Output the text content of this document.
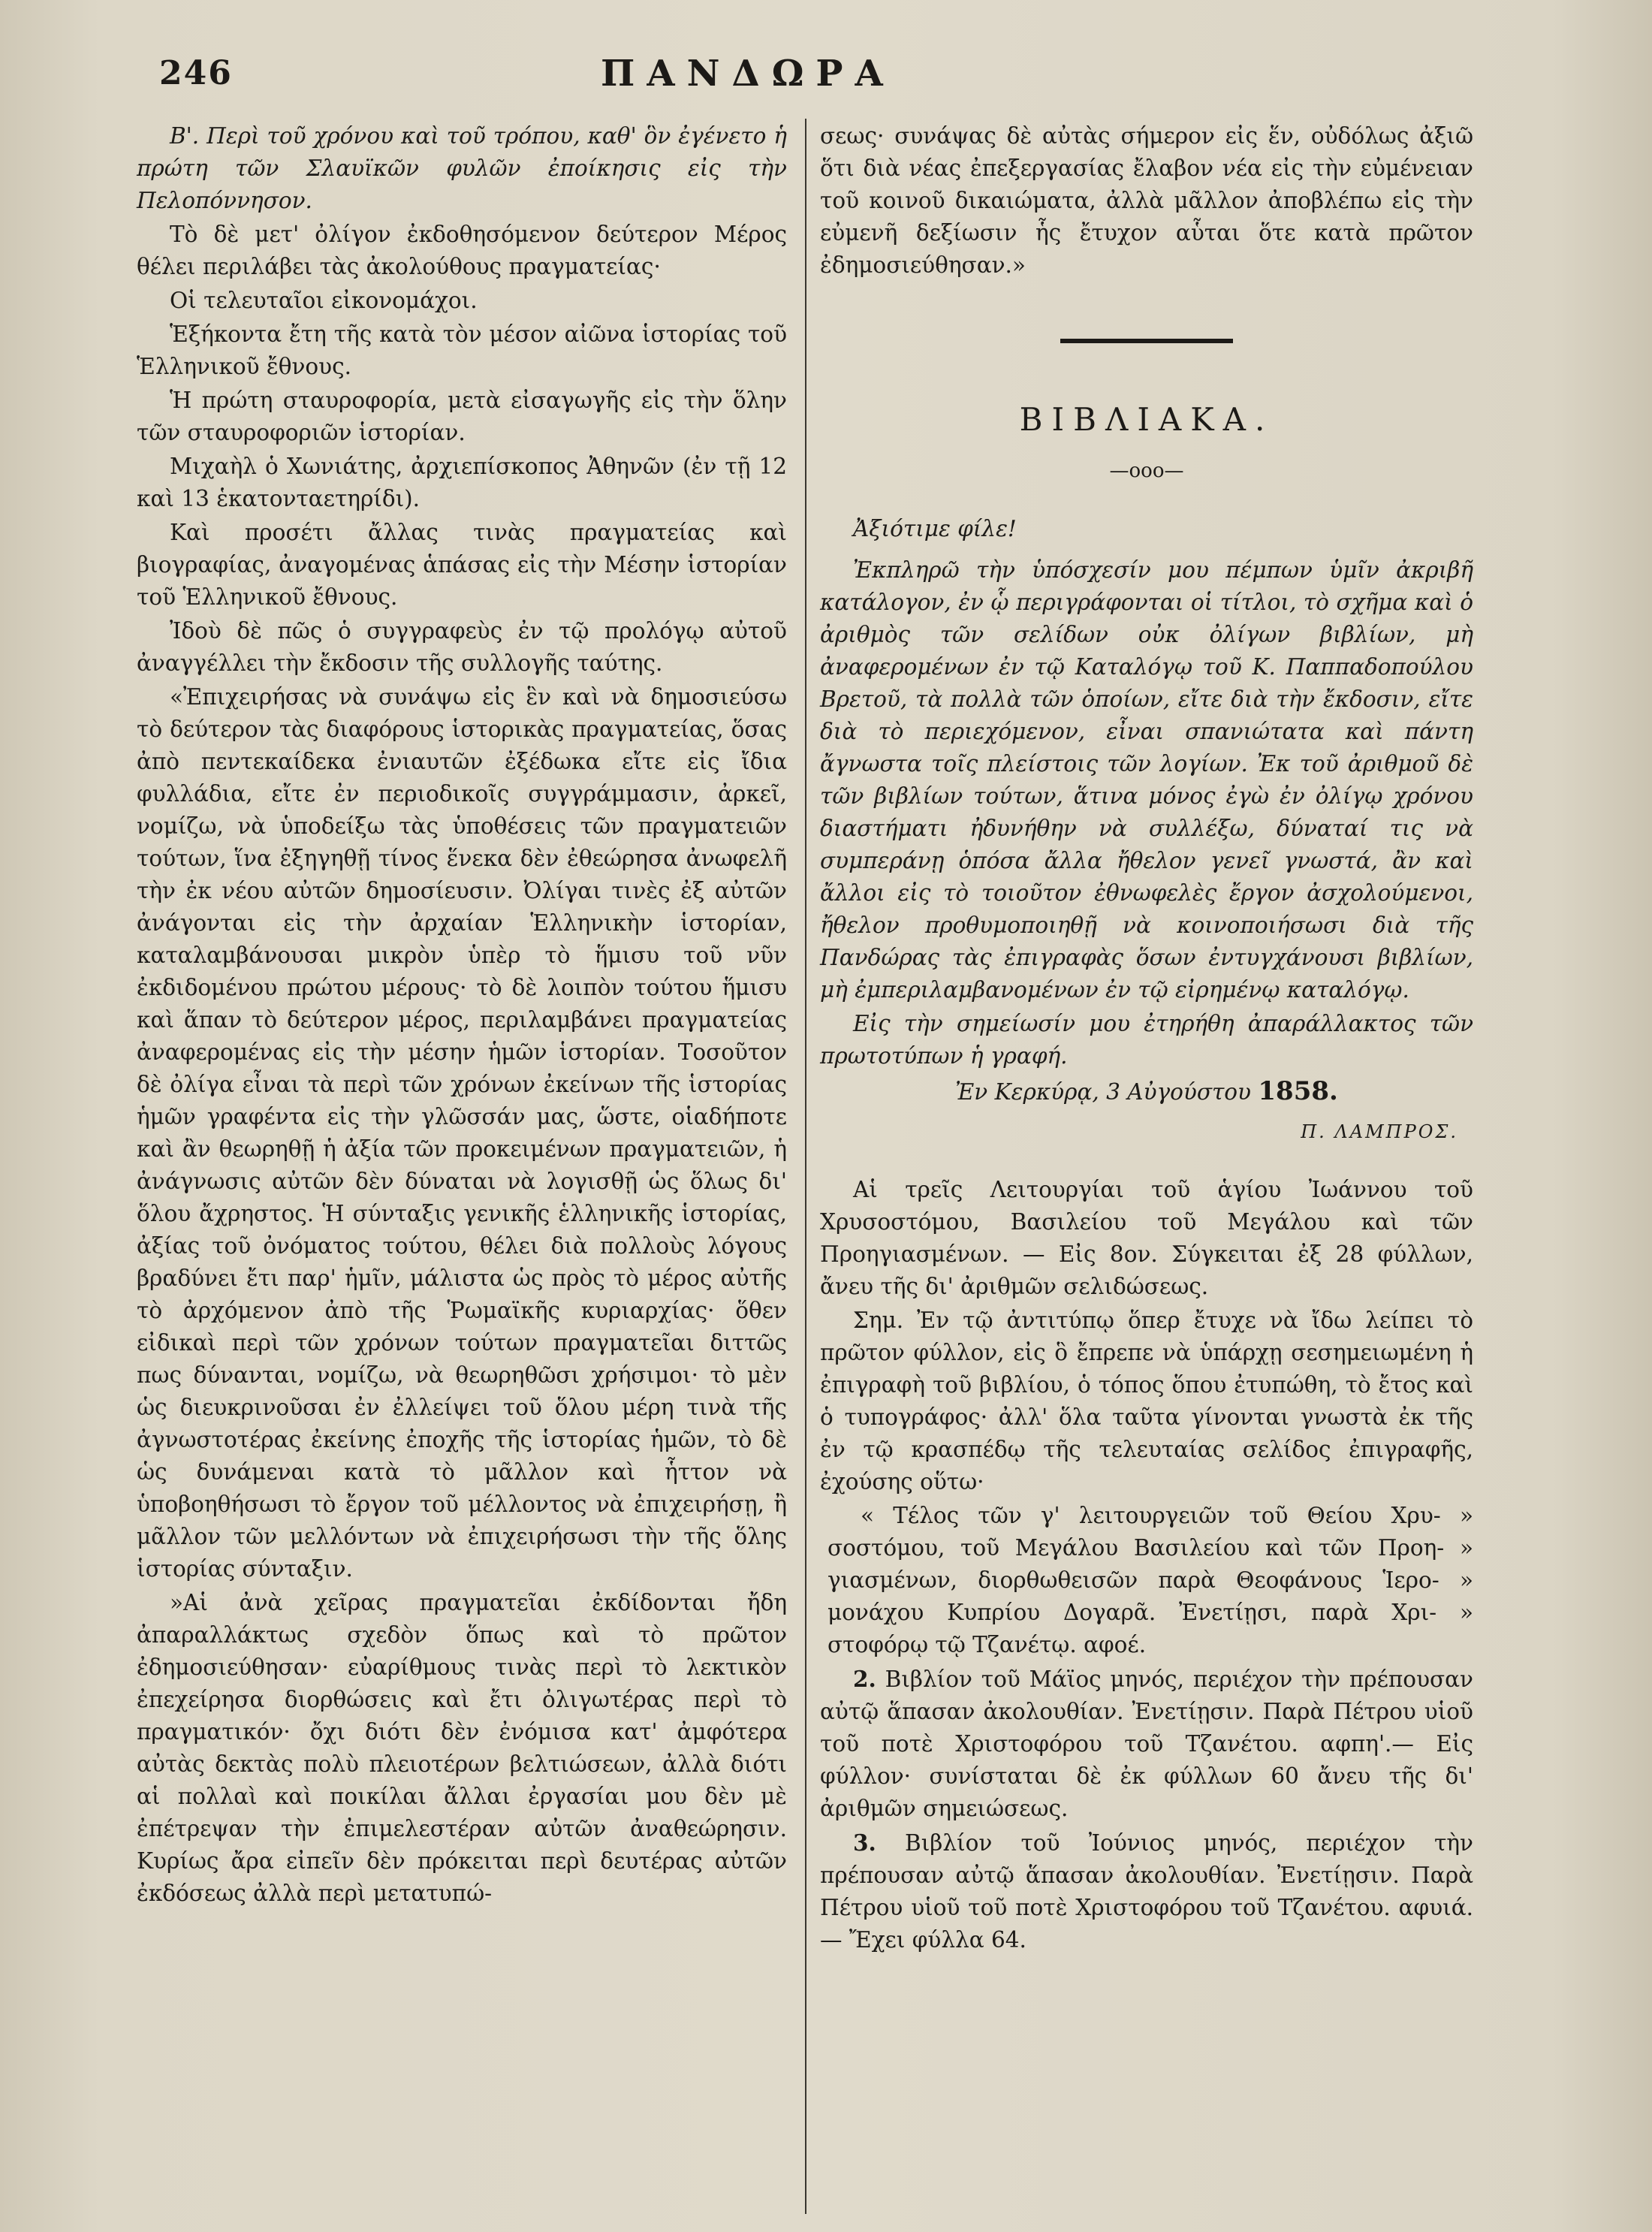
246	ΠΑΝΔΩΡΑ

Β'. Περὶ τοῦ χρόνου καὶ τοῦ τρόπου, καθ' ὃν ἐγένετο ἡ πρώτη τῶν Σλαυϊκῶν φυλῶν ἐποίκησις εἰς τὴν Πελοπόννησον.

Τὸ δὲ μετ' ὀλίγον ἐκδοθησόμενον δεύτερον Μέρος θέλει περιλάβει τὰς ἀκολούθους πραγματείας·

Οἱ τελευταῖοι εἰκονομάχοι.

Ἑξήκοντα ἔτη τῆς κατὰ τὸν μέσον αἰῶνα ἱστορίας τοῦ Ἑλληνικοῦ ἔθνους.

Ἡ πρώτη σταυροφορία, μετὰ εἰσαγωγῆς εἰς τὴν ὅλην τῶν σταυροφοριῶν ἱστορίαν.

Μιχαὴλ ὁ Χωνιάτης, ἀρχιεπίσκοπος Ἀθηνῶν (ἐν τῇ 12 καὶ 13 ἑκατονταετηρίδι).

Καὶ προσέτι ἄλλας τινὰς πραγματείας καὶ βιογραφίας, ἀναγομένας ἁπάσας εἰς τὴν Μέσην ἱστορίαν τοῦ Ἑλληνικοῦ ἔθνους.

Ἰδοὺ δὲ πῶς ὁ συγγραφεὺς ἐν τῷ προλόγῳ αὐτοῦ ἀναγγέλλει τὴν ἔκδοσιν τῆς συλλογῆς ταύτης.

«Ἐπιχειρήσας νὰ συνάψω εἰς ἓν καὶ νὰ δημοσιεύσω τὸ δεύτερον τὰς διαφόρους ἱστορικὰς πραγματείας, ὅσας ἀπὸ πεντεκαίδεκα ἐνιαυτῶν ἐξέδωκα εἴτε εἰς ἴδια φυλλάδια, εἴτε ἐν περιοδικοῖς συγγράμμασιν, ἀρκεῖ, νομίζω, νὰ ὑποδείξω τὰς ὑποθέσεις τῶν πραγματειῶν τούτων, ἵνα ἐξηγηθῇ τίνος ἕνεκα δὲν ἐθεώρησα ἀνωφελῆ τὴν ἐκ νέου αὐτῶν δημοσίευσιν. Ὀλίγαι τινὲς ἐξ αὐτῶν ἀνάγονται εἰς τὴν ἀρχαίαν Ἑλληνικὴν ἱστορίαν, καταλαμβάνουσαι μικρὸν ὑπὲρ τὸ ἥμισυ τοῦ νῦν ἐκδιδομένου πρώτου μέρους· τὸ δὲ λοιπὸν τούτου ἥμισυ καὶ ἅπαν τὸ δεύτερον μέρος, περιλαμβάνει πραγματείας ἀναφερομένας εἰς τὴν μέσην ἡμῶν ἱστορίαν. Τοσοῦτον δὲ ὀλίγα εἶναι τὰ περὶ τῶν χρόνων ἐκείνων τῆς ἱστορίας ἡμῶν γραφέντα εἰς τὴν γλῶσσάν μας, ὥστε, οἱαδήποτε καὶ ἂν θεωρηθῇ ἡ ἀξία τῶν προκειμένων πραγματειῶν, ἡ ἀνάγνωσις αὐτῶν δὲν δύναται νὰ λογισθῇ ὡς ὅλως δι' ὅλου ἄχρηστος. Ἡ σύνταξις γενικῆς ἑλληνικῆς ἱστορίας, ἀξίας τοῦ ὀνόματος τούτου, θέλει διὰ πολλοὺς λόγους βραδύνει ἔτι παρ' ἡμῖν, μάλιστα ὡς πρὸς τὸ μέρος αὐτῆς τὸ ἀρχόμενον ἀπὸ τῆς Ῥωμαϊκῆς κυριαρχίας· ὅθεν εἰδικαὶ περὶ τῶν χρόνων τούτων πραγματεῖαι διττῶς πως δύνανται, νομίζω, νὰ θεωρηθῶσι χρήσιμοι· τὸ μὲν ὡς διευκρινοῦσαι ἐν ἐλλείψει τοῦ ὅλου μέρη τινὰ τῆς ἀγνωστοτέρας ἐκείνης ἐποχῆς τῆς ἱστορίας ἡμῶν, τὸ δὲ ὡς δυνάμεναι κατὰ τὸ μᾶλλον καὶ ἧττον νὰ ὑποβοηθήσωσι τὸ ἔργον τοῦ μέλλοντος νὰ ἐπιχειρήσῃ, ἢ μᾶλλον τῶν μελλόντων νὰ ἐπιχειρήσωσι τὴν τῆς ὅλης ἱστορίας σύνταξιν.

»Αἱ ἀνὰ χεῖρας πραγματεῖαι ἐκδίδονται ἤδη ἀπαραλλάκτως σχεδὸν ὅπως καὶ τὸ πρῶτον ἐδημοσιεύθησαν· εὐαρίθμους τινὰς περὶ τὸ λεκτικὸν ἐπεχείρησα διορθώσεις καὶ ἔτι ὀλιγωτέρας περὶ τὸ πραγματικόν· ὄχι διότι δὲν ἐνόμισα κατ' ἀμφότερα αὐτὰς δεκτὰς πολὺ πλειοτέρων βελτιώσεων, ἀλλὰ διότι αἱ πολλαὶ καὶ ποικίλαι ἄλλαι ἐργασίαι μου δὲν μὲ ἐπέτρεψαν τὴν ἐπιμελεστέραν αὐτῶν ἀναθεώρησιν. Κυρίως ἄρα εἰπεῖν δὲν πρόκειται περὶ δευτέρας αὐτῶν ἐκδόσεως ἀλλὰ περὶ μετατυπώ-

σεως· συνάψας δὲ αὐτὰς σήμερον εἰς ἕν, οὐδόλως ἀξιῶ ὅτι διὰ νέας ἐπεξεργασίας ἔλαβον νέα εἰς τὴν εὐμένειαν τοῦ κοινοῦ δικαιώματα, ἀλλὰ μᾶλλον ἀποβλέπω εἰς τὴν εὐμενῆ δεξίωσιν ἧς ἔτυχον αὗται ὅτε κατὰ πρῶτον ἐδημοσιεύθησαν.»

ΒΙΒΛΙΑΚΑ.

—οοο—

Ἀξιότιμε φίλε!

Ἐκπληρῶ τὴν ὑπόσχεσίν μου πέμπων ὑμῖν ἀκριβῆ κατάλογον, ἐν ᾧ περιγράφονται οἱ τίτλοι, τὸ σχῆμα καὶ ὁ ἀριθμὸς τῶν σελίδων οὐκ ὀλίγων βιβλίων, μὴ ἀναφερομένων ἐν τῷ Καταλόγῳ τοῦ Κ. Παππαδοπούλου Βρετοῦ, τὰ πολλὰ τῶν ὁποίων, εἴτε διὰ τὴν ἔκδοσιν, εἴτε διὰ τὸ περιεχόμενον, εἶναι σπανιώτατα καὶ πάντη ἄγνωστα τοῖς πλείστοις τῶν λογίων. Ἐκ τοῦ ἀριθμοῦ δὲ τῶν βιβλίων τούτων, ἅτινα μόνος ἐγὼ ἐν ὀλίγῳ χρόνου διαστήματι ἠδυνήθην νὰ συλλέξω, δύναταί τις νὰ συμπεράνῃ ὁπόσα ἄλλα ἤθελον γενεῖ γνωστά, ἂν καὶ ἄλλοι εἰς τὸ τοιοῦτον ἐθνωφελὲς ἔργον ἀσχολούμενοι, ἤθελον προθυμοποιηθῇ νὰ κοινοποιήσωσι διὰ τῆς Πανδώρας τὰς ἐπιγραφὰς ὅσων ἐντυγχάνουσι βιβλίων, μὴ ἐμπεριλαμβανομένων ἐν τῷ εἰρημένῳ καταλόγῳ.

Εἰς τὴν σημείωσίν μου ἐτηρήθη ἀπαράλλακτος τῶν πρωτοτύπων ἡ γραφή.

Ἐν Κερκύρᾳ, 3 Αὐγούστου 1858.

Π. ΛΑΜΠΡΟΣ.

Αἱ τρεῖς Λειτουργίαι τοῦ ἁγίου Ἰωάννου τοῦ Χρυσοστόμου, Βασιλείου τοῦ Μεγάλου καὶ τῶν Προηγιασμένων. — Εἰς 8ον. Σύγκειται ἐξ 28 φύλλων, ἄνευ τῆς δι' ἀριθμῶν σελιδώσεως.

Σημ. Ἐν τῷ ἀντιτύπῳ ὅπερ ἔτυχε νὰ ἴδω λείπει τὸ πρῶτον φύλλον, εἰς ὃ ἔπρεπε νὰ ὑπάρχῃ σεσημειωμένη ἡ ἐπιγραφὴ τοῦ βιβλίου, ὁ τόπος ὅπου ἐτυπώθη, τὸ ἔτος καὶ ὁ τυπογράφος· ἀλλ' ὅλα ταῦτα γίνονται γνωστὰ ἐκ τῆς ἐν τῷ κρασπέδῳ τῆς τελευταίας σελίδος ἐπιγραφῆς, ἐχούσης οὕτω·

« Τέλος τῶν γ' λειτουργειῶν τοῦ Θείου Χρυ- » σοστόμου, τοῦ Μεγάλου Βασιλείου καὶ τῶν Προη- » γιασμένων, διορθωθεισῶν παρὰ Θεοφάνους Ἱερο- » μονάχου Κυπρίου Δογαρᾶ. Ἐνετίῃσι, παρὰ Χρι- » στοφόρῳ τῷ Τζανέτῳ. αφοέ.

2. Βιβλίον τοῦ Μάϊος μηνός, περιέχον τὴν πρέπουσαν αὐτῷ ἅπασαν ἀκολουθίαν. Ἐνετίῃσιν. Παρὰ Πέτρου υἱοῦ τοῦ ποτὲ Χριστοφόρου τοῦ Τζανέτου. αφπη'.— Εἰς φύλλον· συνίσταται δὲ ἐκ φύλλων 60 ἄνευ τῆς δι' ἀριθμῶν σημειώσεως.

3. Βιβλίον τοῦ Ἰούνιος μηνός, περιέχον τὴν πρέπουσαν αὐτῷ ἅπασαν ἀκολουθίαν. Ἐνετίῃσιν. Παρὰ Πέτρου υἱοῦ τοῦ ποτὲ Χριστοφόρου τοῦ Τζανέτου. αφυιά. — Ἔχει φύλλα 64.
